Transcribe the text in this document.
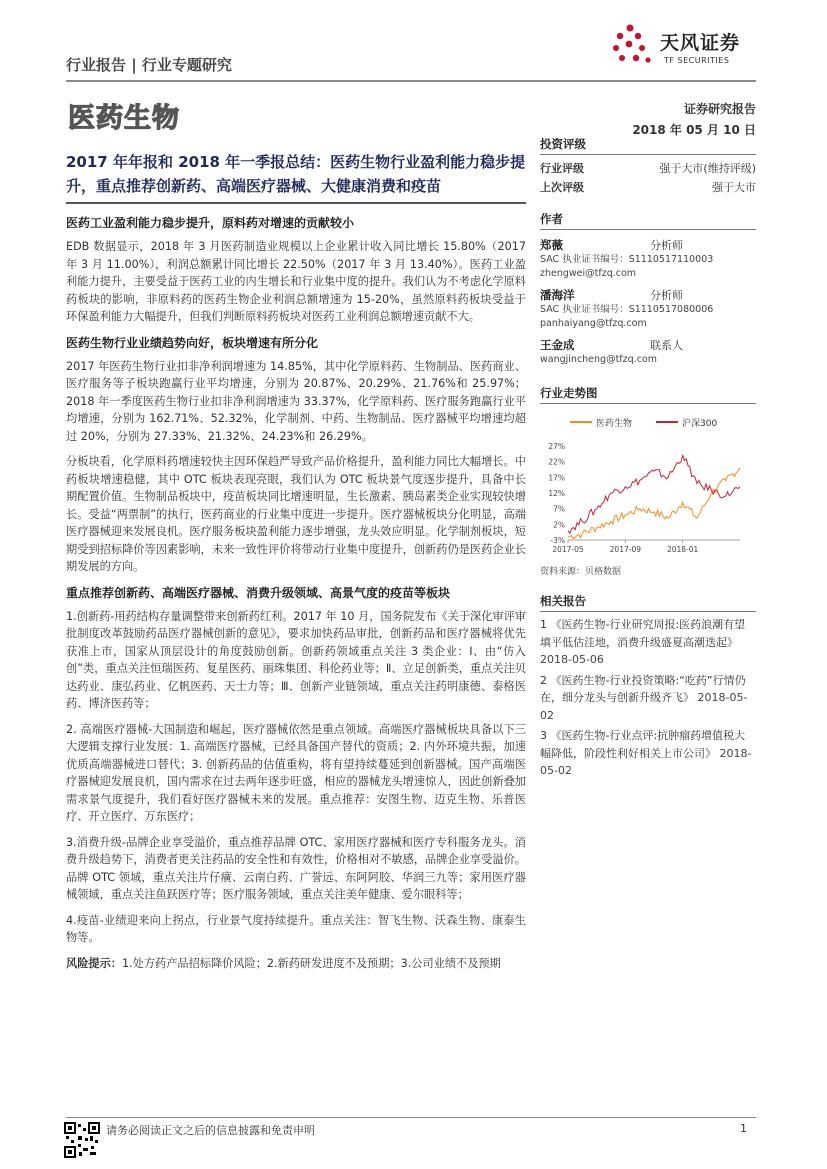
行业报告 | 行业专题研究
医药生物
天风证券
TF SECURITIES
证券研究报告
2018 年 05 月 10 日
2017 年年报和 2018 年一季报总结：医药生物行业盈利能力稳步提升，重点推荐创新药、高端医疗器械、大健康消费和疫苗
医药工业盈利能力稳步提升，原料药对增速的贡献较小

EDB 数据显示，2018 年 3 月医药制造业规模以上企业累计收入同比增长 15.80%（2017 年 3 月 11.00%），利润总额累计同比增长 22.50%（2017 年 3 月 13.40%）。医药工业盈利能力提升，主要受益于医药工业的内生增长和行业集中度的提升。我们认为不考虑化学原料药板块的影响，非原料药的医药生物企业利润总额增速为 15-20%，虽然原料药板块受益于环保盈利能力大幅提升，但我们判断原料药板块对医药工业利润总额增速贡献不大。

医药生物行业业绩趋势向好，板块增速有所分化

2017 年医药生物行业扣非净利润增速为 14.85%，其中化学原料药、生物制品、医药商业、医疗服务等子板块跑赢行业平均增速，分别为 20.87%、20.29%、21.76%和 25.97%；2018 年一季度医药生物行业扣非净利润增速为 33.37%，化学原料药、医疗服务跑赢行业平均增速，分别为 162.71%、52.32%，化学制剂、中药、生物制品、医疗器械平均增速均超过 20%，分别为 27.33%、21.32%、24.23%和 26.29%。

分板块看，化学原料药增速较快主因环保趋严导致产品价格提升，盈利能力同比大幅增长。中药板块增速稳健，其中 OTC 板块表现亮眼，我们认为 OTC 板块景气度逐步提升，具备中长期配置价值。生物制品板块中，疫苗板块同比增速明显，生长激素、胰岛素类企业实现较快增长。受益“两票制”的执行，医药商业的行业集中度进一步提升。医疗器械板块分化明显，高端医疗器械迎来发展良机。医疗服务板块盈利能力逐步增强，龙头效应明显。化学制剂板块，短期受到招标降价等因素影响，未来一致性评价将带动行业集中度提升，创新药仍是医药企业长期发展的方向。

重点推荐创新药、高端医疗器械、消费升级领域、高景气度的疫苗等板块

1.创新药-用药结构存量调整带来创新药红利。2017 年 10 月，国务院发布《关于深化审评审批制度改革鼓励药品医疗器械创新的意见》，要求加快药品审批，创新药品和医疗器械将优先获准上市，国家从顶层设计的角度鼓励创新。创新药领域重点关注 3 类企业：Ⅰ、由“仿入创”类，重点关注恒瑞医药、复星医药、丽珠集团、科伦药业等；Ⅱ、立足创新类，重点关注贝达药业、康弘药业、亿帆医药、天士力等；Ⅲ、创新产业链领域，重点关注药明康德、泰格医药、博济医药等；

2. 高端医疗器械-大国制造和崛起，医疗器械依然是重点领域。高端医疗器械板块具备以下三大逻辑支撑行业发展：1. 高端医疗器械，已经具备国产替代的资质；2. 内外环境共振，加速优质高端器械进口替代；3. 创新药品的估值重构，将有望持续蔓延到创新器械。国产高端医疗器械迎发展良机，国内需求在过去两年逐步旺盛，相应的器械龙头增速惊人，因此创新叠加需求景气度提升，我们看好医疗器械未来的发展。重点推荐：安图生物、迈克生物、乐普医疗、开立医疗、万东医疗；

3.消费升级-品牌企业享受溢价，重点推荐品牌 OTC、家用医疗器械和医疗专科服务龙头。消费升级趋势下，消费者更关注药品的安全性和有效性，价格相对不敏感，品牌企业享受溢价。品牌 OTC 领域，重点关注片仔癀、云南白药、广誉远、东阿阿胶、华润三九等；家用医疗器械领域，重点关注鱼跃医疗等；医疗服务领域，重点关注美年健康、爱尔眼科等；

4.疫苗-业绩迎来向上拐点，行业景气度持续提升。重点关注：智飞生物、沃森生物、康泰生物等。

风险提示：1.处方药产品招标降价风险；2.新药研发进度不及预期；3.公司业绩不及预期

投资评级
行业评级	强于大市(维持评级)
上次评级	强于大市
作者
郑薇	分析师
SAC 执业证书编号：S1110517110003
zhengwei@tfzq.com
潘海洋	分析师
SAC 执业证书编号：S1110517080006
panhaiyang@tfzq.com
王金成	联系人
wangjincheng@tfzq.com
行业走势图
医药生物	沪深300
-3%
2%
7%
12%
17%
22%
27%
2017-05	2017-09	2018-01
资料来源：贝格数据
相关报告
1 《医药生物-行业研究周报:医药浪潮有望填平低估洼地，消费升级盛夏高潮迭起》 2018-05-06
2 《医药生物-行业投资策略:“吃药”行情仍在，细分龙头与创新升级齐飞》 2018-05-02
3 《医药生物-行业点评:抗肿瘤药增值税大幅降低，阶段性利好相关上市公司》 2018-05-02
请务必阅读正文之后的信息披露和免责申明	1
